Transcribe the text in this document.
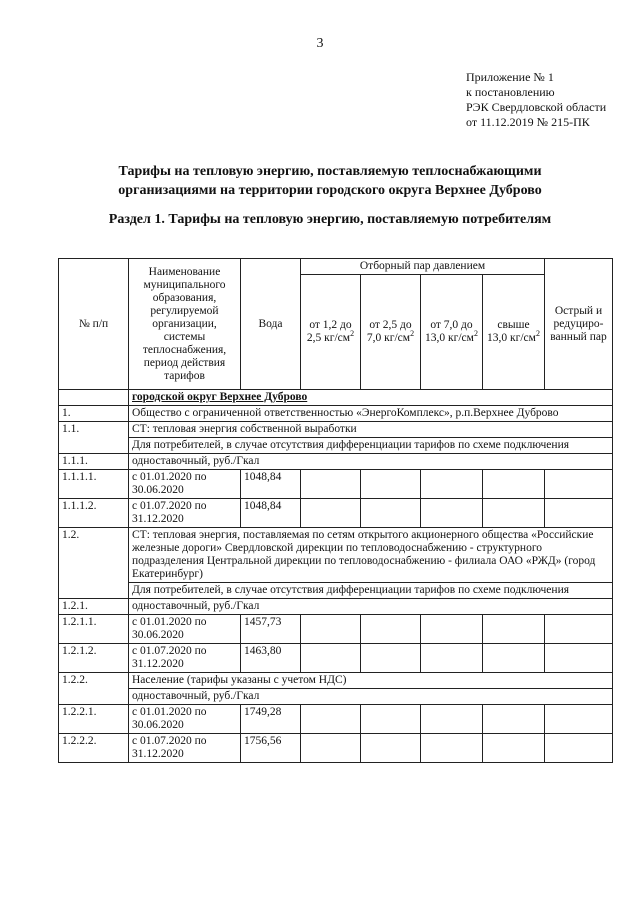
3
Приложение № 1
к постановлению
РЭК Свердловской области
от 11.12.2019 № 215-ПК
Тарифы на тепловую энергию, поставляемую теплоснабжающими
организациями на территории городского округа Верхнее Дуброво
Раздел 1. Тарифы на тепловую энергию, поставляемую потребителям
№ п/п	Наименование муниципального образования, регулируемой организации, системы теплоснабжения, период действия тарифов	Вода	Отборный пар давлением				Острый и редуциро-ванный пар
			от 1,2 до 2,5 $кг/см^2$	от 2,5 до 7,0 $кг/см^2$	от 7,0 до 13,0 $кг/см^2$	свыше 13,0 $кг/см^2$
	городской округ Верхнее Дуброво						
1.	Общество с ограниченной ответственностью «ЭнергоКомплекс», р.п.Верхнее Дуброво						
1.1.	СТ: тепловая энергия собственной выработки						
	Для потребителей, в случае отсутствия дифференциации тарифов по схеме подключения						
1.1.1.	одноставочный, руб./Гкал						
1.1.1.1.	с 01.01.2020 по 30.06.2020	1048,84					
1.1.1.2.	с 01.07.2020 по 31.12.2020	1048,84					
1.2.	СТ: тепловая энергия, поставляемая по сетям открытого акционерного общества «Российские железные дороги» Свердловской дирекции по тепловодоснабжению - структурного подразделения Центральной дирекции по тепловодоснабжению - филиала ОАО «РЖД» (город Екатеринбург)						
	Для потребителей, в случае отсутствия дифференциации тарифов по схеме подключения						
1.2.1.	одноставочный, руб./Гкал						
1.2.1.1.	с 01.01.2020 по 30.06.2020	1457,73					
1.2.1.2.	с 01.07.2020 по 31.12.2020	1463,80					
1.2.2.	Население (тарифы указаны с учетом НДС)						
	одноставочный, руб./Гкал						
1.2.2.1.	с 01.01.2020 по 30.06.2020	1749,28					
1.2.2.2.	с 01.07.2020 по 31.12.2020	1756,56					
